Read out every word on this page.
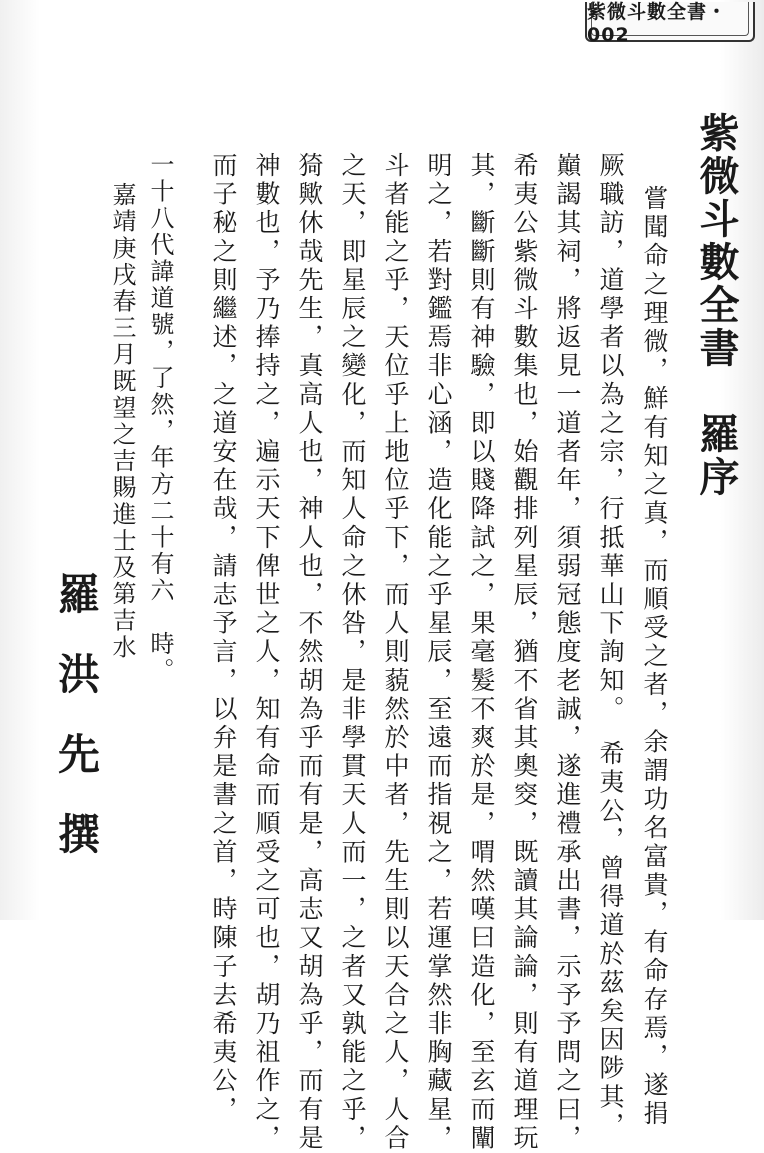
紫微斗數全書・002
紫微斗數全書　羅序
嘗聞命之理微，鮮有知之真，而順受之者，余謂功名富貴，有命存焉，遂捐
厥職訪，道學者以為之宗，行抵華山下詢知。　希夷公，曾得道於茲矣因陟其，
巔謁其祠，將返見一道者年，須弱冠態度老誠，遂進禮承出書，示予予問之曰，
希夷公紫微斗數集也，始觀排列星辰，猶不省其奧窔，既讀其論論，則有道理玩
其，斷斷則有神驗，即以賤降試之，果毫髮不爽於是，喟然嘆曰造化，至玄而闡
明之，若對鑑焉非心涵，造化能之乎星辰，至遠而指視之，若運掌然非胸藏星，
斗者能之乎，天位乎上地位乎下，而人則藐然於中者，先生則以天合之人，人合
之天，即星辰之變化，而知人命之休咎，是非學貫天人而一，之者又孰能之乎，
猗歟休哉先生，真高人也，神人也，不然胡為乎而有是，高志又胡為乎，而有是
神數也，予乃捧持之，遍示天下俾世之人，知有命而順受之可也，胡乃祖作之，
而子秘之則繼述，之道安在哉，請志予言，以弁是書之首，時陳子去希夷公，
一十八代諱道號，了然，年方二十有六　時。
嘉靖庚戌春三月既望之吉賜進士及第吉水
羅洪先撰
